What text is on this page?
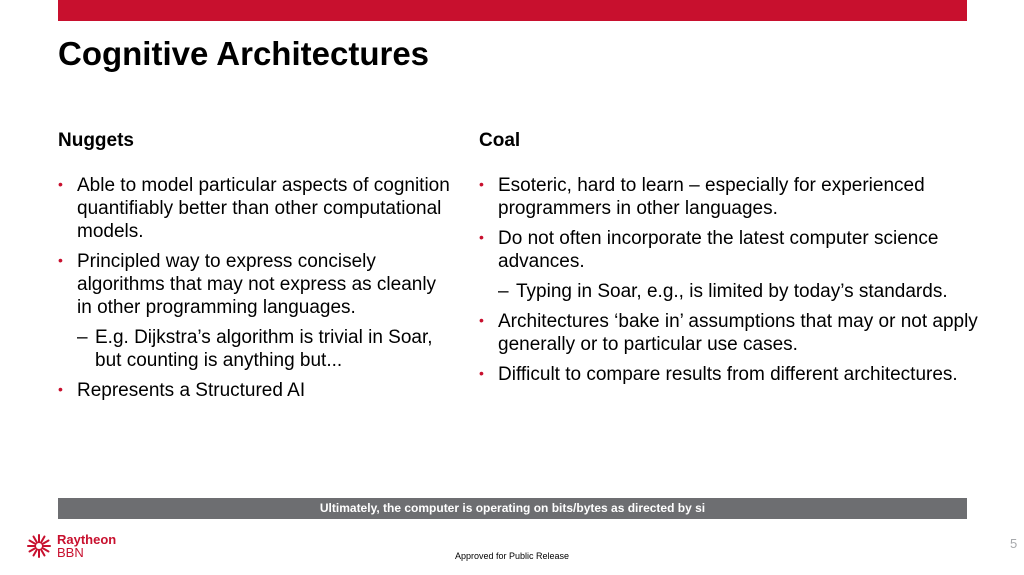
Cognitive Architectures
Nuggets
• Able to model particular aspects of cognition quantifiably better than other computational models.
• Principled way to express concisely algorithms that may not express as cleanly in other programming languages.
– E.g. Dijkstra’s algorithm is trivial in Soar, but counting is anything but...
• Represents a Structured AI
Coal
• Esoteric, hard to learn – especially for experienced programmers in other languages.
• Do not often incorporate the latest computer science advances.
– Typing in Soar, e.g., is limited by today’s standards.
• Architectures ‘bake in’ assumptions that may or not apply generally or to particular use cases.
• Difficult to compare results from different architectures.
Ultimately, the computer is operating on bits/bytes as directed by si
Raytheon
BBN	Approved for Public Release
5
